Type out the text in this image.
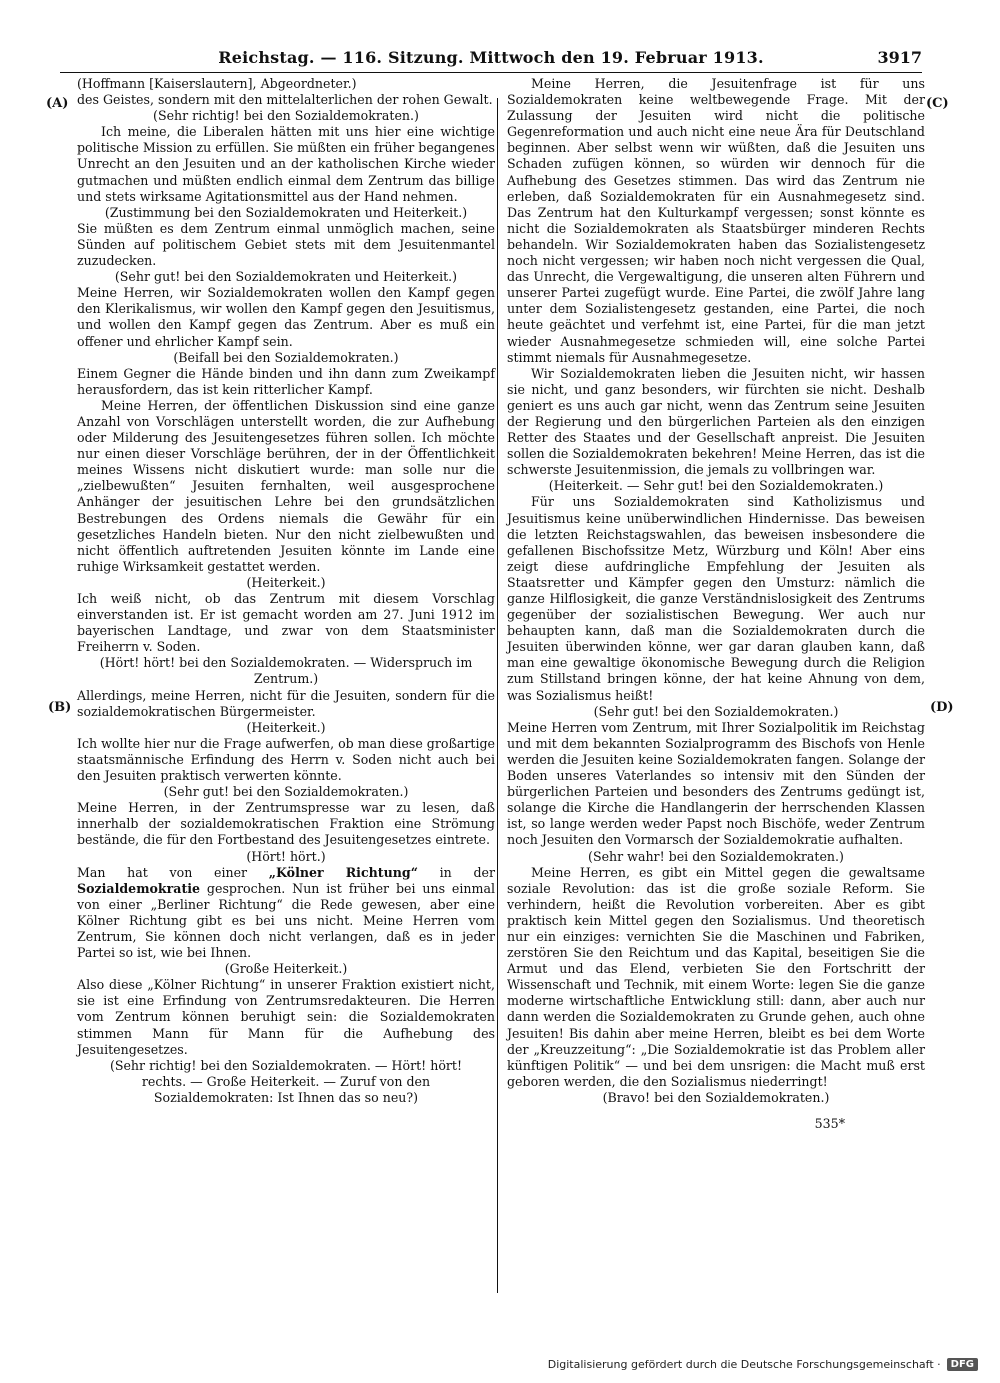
Reichstag. — 116. Sitzung. Mittwoch den 19. Februar 1913.	3917
(A)
(B)
(C)
(D)

(Hoffmann [Kaiserslautern], Abgeordneter.)

des Geistes, sondern mit den mittelalterlichen der rohen Gewalt.

(Sehr richtig! bei den Sozialdemokraten.)

Ich meine, die Liberalen hätten mit uns hier eine wichtige politische Mission zu erfüllen. Sie müßten ein früher begangenes Unrecht an den Jesuiten und an der katholischen Kirche wieder gutmachen und müßten endlich einmal dem Zentrum das billige und stets wirksame Agitationsmittel aus der Hand nehmen.

(Zustimmung bei den Sozialdemokraten und Heiterkeit.)

Sie müßten es dem Zentrum einmal unmöglich machen, seine Sünden auf politischem Gebiet stets mit dem Jesuitenmantel zuzudecken.

(Sehr gut! bei den Sozialdemokraten und Heiterkeit.)

Meine Herren, wir Sozialdemokraten wollen den Kampf gegen den Klerikalismus, wir wollen den Kampf gegen den Jesuitismus, und wollen den Kampf gegen das Zentrum. Aber es muß ein offener und ehrlicher Kampf sein.

(Beifall bei den Sozialdemokraten.)

Einem Gegner die Hände binden und ihn dann zum Zweikampf herausfordern, das ist kein ritterlicher Kampf.

Meine Herren, der öffentlichen Diskussion sind eine ganze Anzahl von Vorschlägen unterstellt worden, die zur Aufhebung oder Milderung des Jesuitengesetzes führen sollen. Ich möchte nur einen dieser Vorschläge berühren, der in der Öffentlichkeit meines Wissens nicht diskutiert wurde: man solle nur die „zielbewußten“ Jesuiten fernhalten, weil ausgesprochene Anhänger der jesuitischen Lehre bei den grundsätzlichen Bestrebungen des Ordens niemals die Gewähr für ein gesetzliches Handeln bieten. Nur den nicht zielbewußten und nicht öffentlich auftretenden Jesuiten könnte im Lande eine ruhige Wirksamkeit gestattet werden.

(Heiterkeit.)

Ich weiß nicht, ob das Zentrum mit diesem Vorschlag einverstanden ist. Er ist gemacht worden am 27. Juni 1912 im bayerischen Landtage, und zwar von dem Staatsminister Freiherrn v. Soden.

(Hört! hört! bei den Sozialdemokraten. — Widerspruch im Zentrum.)

Allerdings, meine Herren, nicht für die Jesuiten, sondern für die sozialdemokratischen Bürgermeister.

(Heiterkeit.)

Ich wollte hier nur die Frage aufwerfen, ob man diese großartige staatsmännische Erfindung des Herrn v. Soden nicht auch bei den Jesuiten praktisch verwerten könnte.

(Sehr gut! bei den Sozialdemokraten.)

Meine Herren, in der Zentrumspresse war zu lesen, daß innerhalb der sozialdemokratischen Fraktion eine Strömung bestände, die für den Fortbestand des Jesuitengesetzes eintrete.

(Hört! hört.)

Man hat von einer „Kölner Richtung“ in der Sozialdemokratie gesprochen. Nun ist früher bei uns einmal von einer „Berliner Richtung“ die Rede gewesen, aber eine Kölner Richtung gibt es bei uns nicht. Meine Herren vom Zentrum, Sie können doch nicht verlangen, daß es in jeder Partei so ist, wie bei Ihnen.

(Große Heiterkeit.)

Also diese „Kölner Richtung“ in unserer Fraktion existiert nicht, sie ist eine Erfindung von Zentrumsredakteuren. Die Herren vom Zentrum können beruhigt sein: die Sozialdemokraten stimmen Mann für Mann für die Aufhebung des Jesuitengesetzes.

(Sehr richtig! bei den Sozialdemokraten. — Hört! hört! rechts. — Große Heiterkeit. — Zuruf von den Sozialdemokraten: Ist Ihnen das so neu?)

Meine Herren, die Jesuitenfrage ist für uns Sozialdemokraten keine weltbewegende Frage. Mit der Zulassung der Jesuiten wird nicht die politische Gegenreformation und auch nicht eine neue Ära für Deutschland beginnen. Aber selbst wenn wir wüßten, daß die Jesuiten uns Schaden zufügen können, so würden wir dennoch für die Aufhebung des Gesetzes stimmen. Das wird das Zentrum nie erleben, daß Sozialdemokraten für ein Ausnahmegesetz sind. Das Zentrum hat den Kulturkampf vergessen; sonst könnte es nicht die Sozialdemokraten als Staatsbürger minderen Rechts behandeln. Wir Sozialdemokraten haben das Sozialistengesetz noch nicht vergessen; wir haben noch nicht vergessen die Qual, das Unrecht, die Vergewaltigung, die unseren alten Führern und unserer Partei zugefügt wurde. Eine Partei, die zwölf Jahre lang unter dem Sozialistengesetz gestanden, eine Partei, die noch heute geächtet und verfehmt ist, eine Partei, für die man jetzt wieder Ausnahmegesetze schmieden will, eine solche Partei stimmt niemals für Ausnahmegesetze.

Wir Sozialdemokraten lieben die Jesuiten nicht, wir hassen sie nicht, und ganz besonders, wir fürchten sie nicht. Deshalb geniert es uns auch gar nicht, wenn das Zentrum seine Jesuiten der Regierung und den bürgerlichen Parteien als den einzigen Retter des Staates und der Gesellschaft anpreist. Die Jesuiten sollen die Sozialdemokraten bekehren! Meine Herren, das ist die schwerste Jesuitenmission, die jemals zu vollbringen war.

(Heiterkeit. — Sehr gut! bei den Sozialdemokraten.)

Für uns Sozialdemokraten sind Katholizismus und Jesuitismus keine unüberwindlichen Hindernisse. Das beweisen die letzten Reichstagswahlen, das beweisen insbesondere die gefallenen Bischofssitze Metz, Würzburg und Köln! Aber eins zeigt diese aufdringliche Empfehlung der Jesuiten als Staatsretter und Kämpfer gegen den Umsturz: nämlich die ganze Hilflosigkeit, die ganze Verständnislosigkeit des Zentrums gegenüber der sozialistischen Bewegung. Wer auch nur behaupten kann, daß man die Sozialdemokraten durch die Jesuiten überwinden könne, wer gar daran glauben kann, daß man eine gewaltige ökonomische Bewegung durch die Religion zum Stillstand bringen könne, der hat keine Ahnung von dem, was Sozialismus heißt!

(Sehr gut! bei den Sozialdemokraten.)

Meine Herren vom Zentrum, mit Ihrer Sozialpolitik im Reichstag und mit dem bekannten Sozialprogramm des Bischofs von Henle werden die Jesuiten keine Sozialdemokraten fangen. Solange der Boden unseres Vaterlandes so intensiv mit den Sünden der bürgerlichen Parteien und besonders des Zentrums gedüngt ist, solange die Kirche die Handlangerin der herrschenden Klassen ist, so lange werden weder Papst noch Bischöfe, weder Zentrum noch Jesuiten den Vormarsch der Sozialdemokratie aufhalten.

(Sehr wahr! bei den Sozialdemokraten.)

Meine Herren, es gibt ein Mittel gegen die gewaltsame soziale Revolution: das ist die große soziale Reform. Sie verhindern, heißt die Revolution vorbereiten. Aber es gibt praktisch kein Mittel gegen den Sozialismus. Und theoretisch nur ein einziges: vernichten Sie die Maschinen und Fabriken, zerstören Sie den Reichtum und das Kapital, beseitigen Sie die Armut und das Elend, verbieten Sie den Fortschritt der Wissenschaft und Technik, mit einem Worte: legen Sie die ganze moderne wirtschaftliche Entwicklung still: dann, aber auch nur dann werden die Sozialdemokraten zu Grunde gehen, auch ohne Jesuiten! Bis dahin aber meine Herren, bleibt es bei dem Worte der „Kreuzzeitung“: „Die Sozialdemokratie ist das Problem aller künftigen Politik“ — und bei dem unsrigen: die Macht muß erst geboren werden, die den Sozialismus niederringt!

(Bravo! bei den Sozialdemokraten.)

535*
Digitalisierung gefördert durch die Deutsche Forschungsgemeinschaft ·	DFG
